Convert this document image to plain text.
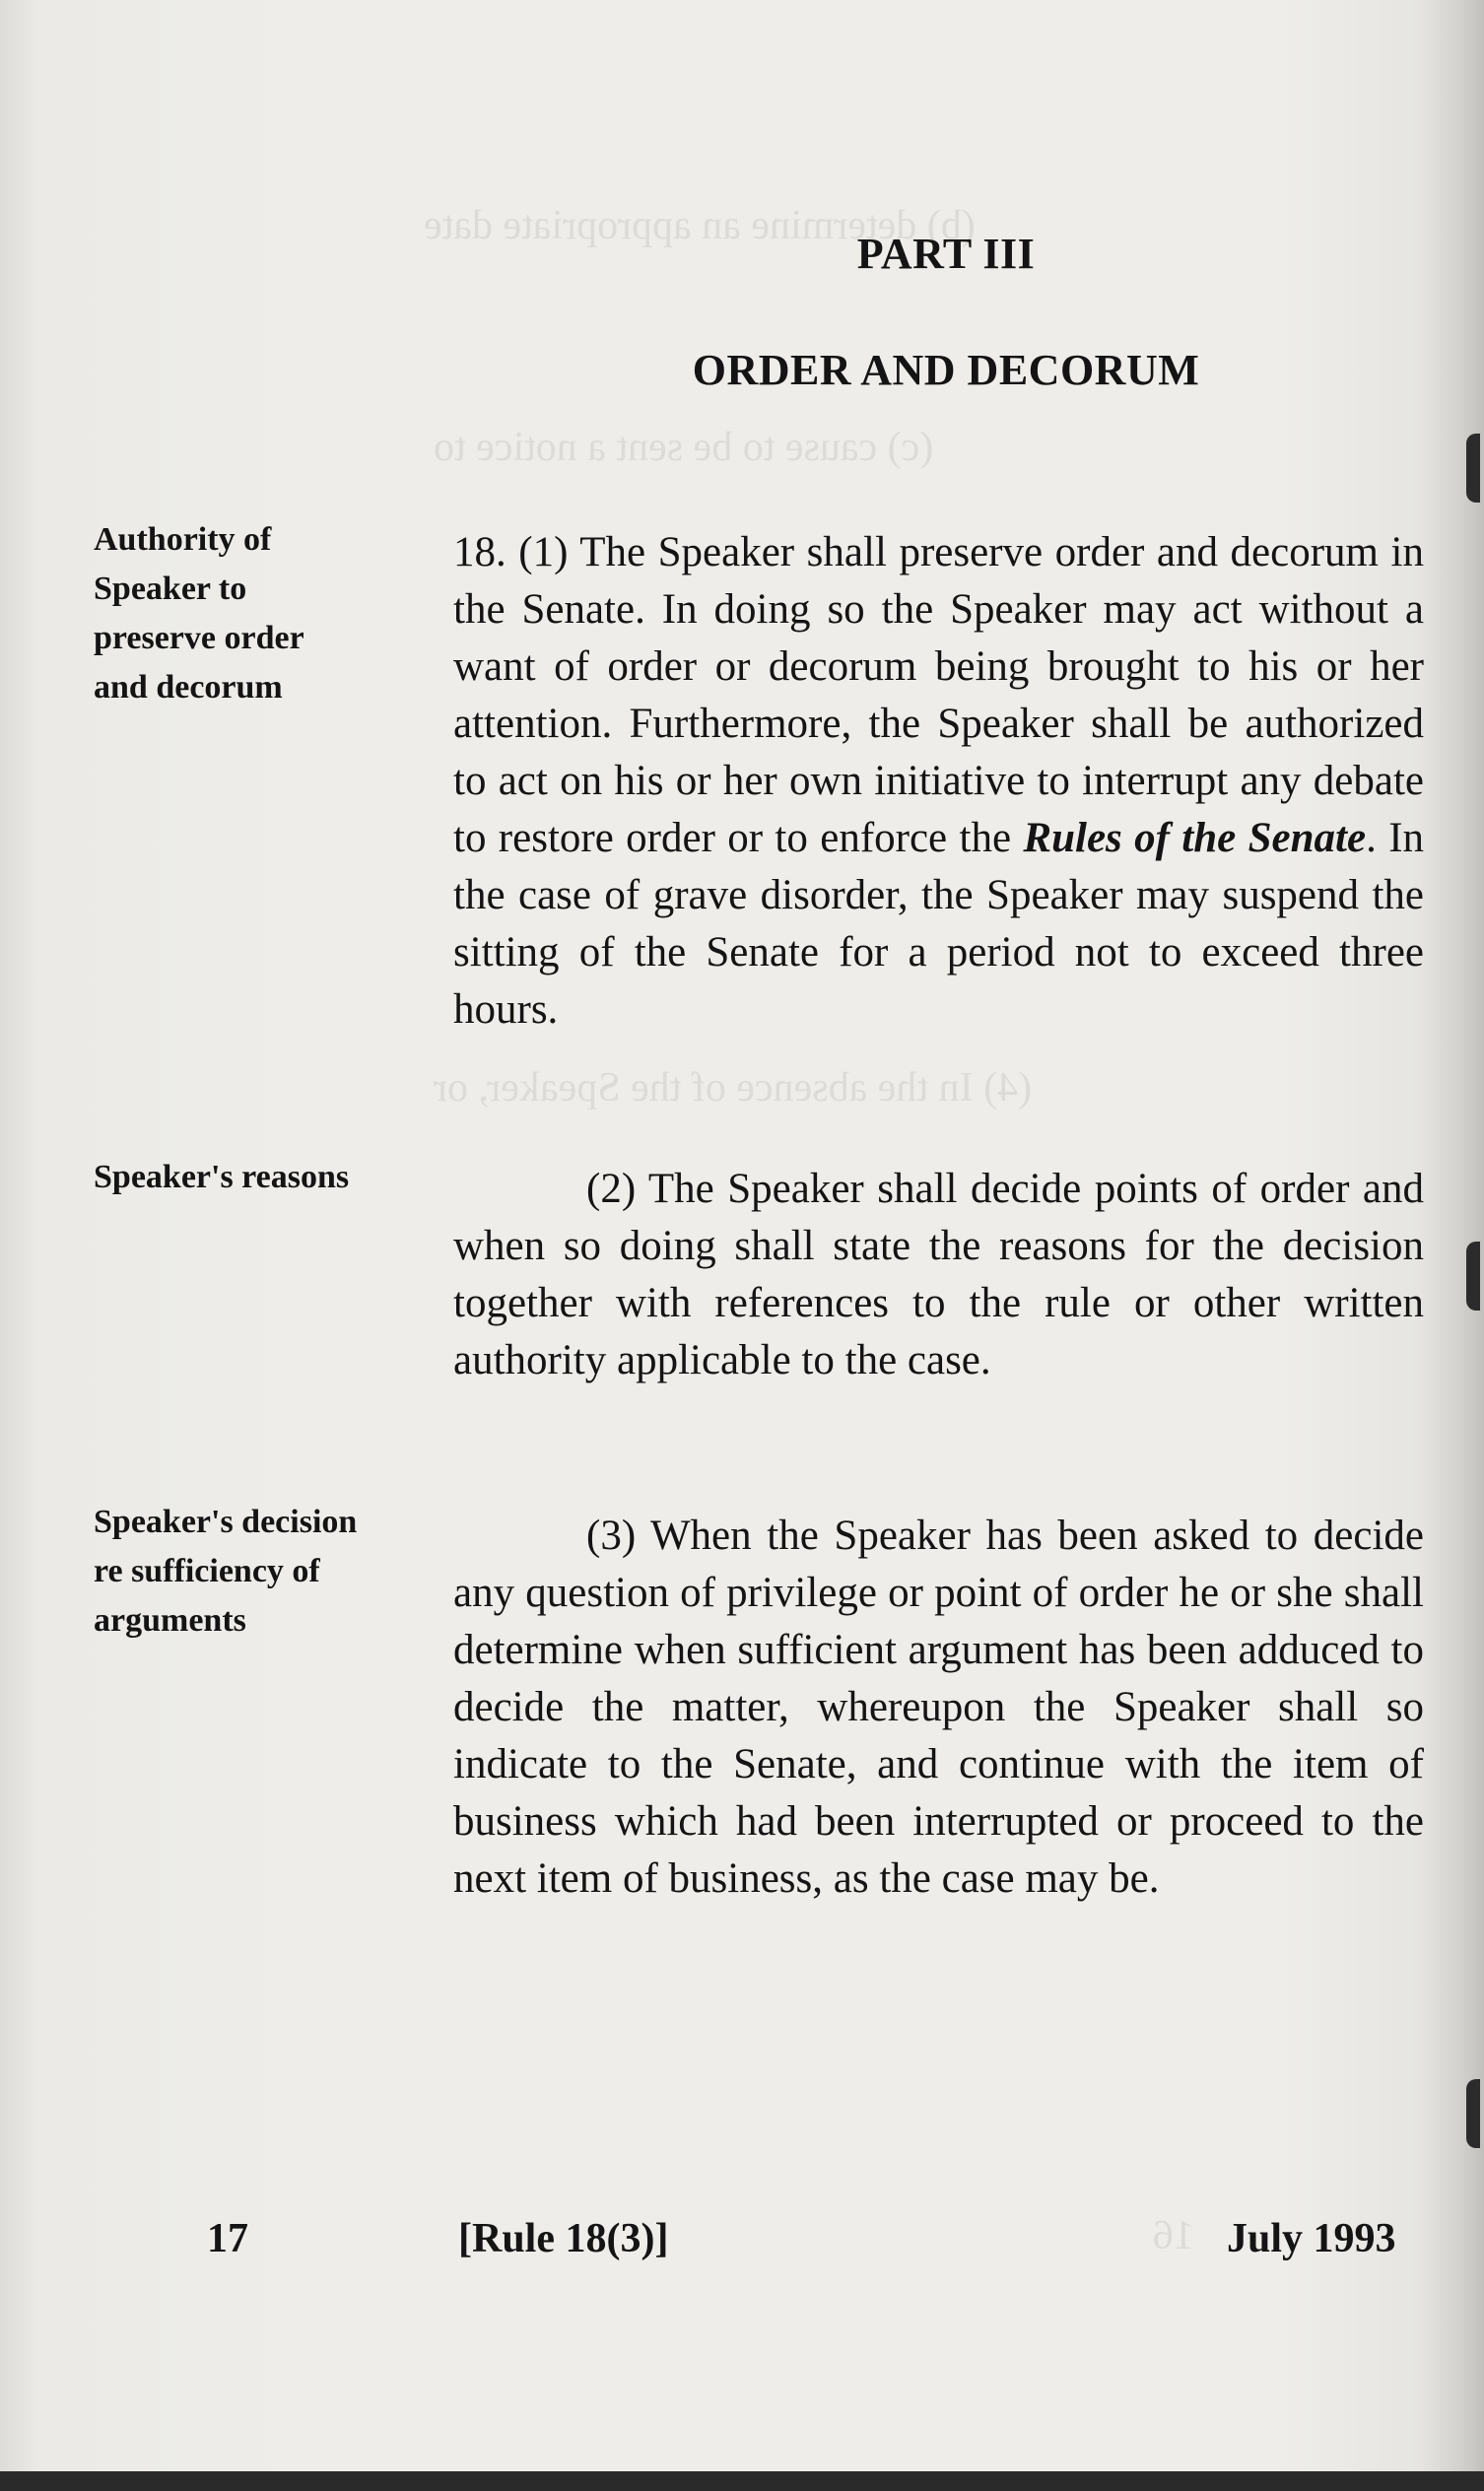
(b) determine an appropriate date
(c) cause to be sent a notice to
(4) In the absence of the Speaker, or
16
PART III
ORDER AND DECORUM
Authority of Speaker to preserve order and decorum
Speaker's reasons
Speaker's decision re sufficiency of arguments
18. (1) The Speaker shall preserve order and decorum in the Senate. In doing so the Speaker may act without a want of order or decorum being brought to his or her attention. Furthermore, the Speaker shall be authorized to act on his or her own initiative to interrupt any debate to restore order or to enforce the Rules of the Senate. In the case of grave disorder, the Speaker may suspend the sitting of the Senate for a period not to exceed three hours.
(2) The Speaker shall decide points of order and when so doing shall state the reasons for the decision together with references to the rule or other written authority applicable to the case.
(3) When the Speaker has been asked to decide any question of privilege or point of order he or she shall determine when sufficient argument has been adduced to decide the matter, whereupon the Speaker shall so indicate to the Senate, and continue with the item of business which had been interrupted or proceed to the next item of business, as the case may be.
17	[Rule 18(3)]	July 1993
